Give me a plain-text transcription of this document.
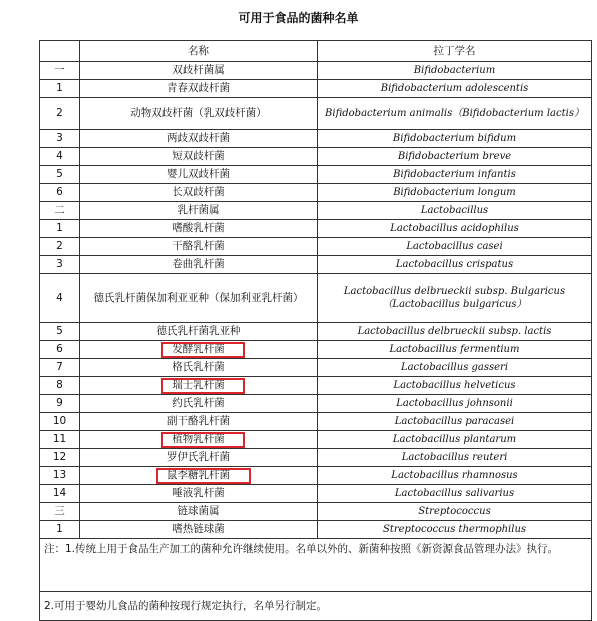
可用于食品的菌种名单
	名称	拉丁学名
一	双歧杆菌属	Bifidobacterium
1	青春双歧杆菌	Bifidobacterium adolescentis
2	动物双歧杆菌（乳双歧杆菌）	Bifidobacterium animalis（Bifidobacterium lactis）
3	两歧双歧杆菌	Bifidobacterium bifidum
4	短双歧杆菌	Bifidobacterium breve
5	婴儿双歧杆菌	Bifidobacterium infantis
6	长双歧杆菌	Bifidobacterium longum
二	乳杆菌属	Lactobacillus
1	嗜酸乳杆菌	Lactobacillus acidophilus
2	干酪乳杆菌	Lactobacillus casei
3	卷曲乳杆菌	Lactobacillus crispatus
4	德氏乳杆菌保加利亚亚种（保加利亚乳杆菌）	Lactobacillus delbrueckii subsp. Bulgaricus（Lactobacillus bulgaricus）
5	德氏乳杆菌乳亚种	Lactobacillus delbrueckii subsp. lactis
6	发酵乳杆菌	Lactobacillus fermentium
7	格氏乳杆菌	Lactobacillus gasseri
8	瑞士乳杆菌	Lactobacillus helveticus
9	约氏乳杆菌	Lactobacillus johnsonii
10	副干酪乳杆菌	Lactobacillus paracasei
11	植物乳杆菌	Lactobacillus plantarum
12	罗伊氏乳杆菌	Lactobacillus reuteri
13	鼠李糖乳杆菌	Lactobacillus rhamnosus
14	唾液乳杆菌	Lactobacillus salivarius
三	链球菌属	Streptococcus
1	嗜热链球菌	Streptococcus thermophilus
注：1.传统上用于食品生产加工的菌种允许继续使用。名单以外的、新菌种按照《新资源食品管理办法》执行。		
2.可用于婴幼儿食品的菌种按现行规定执行，名单另行制定。		
